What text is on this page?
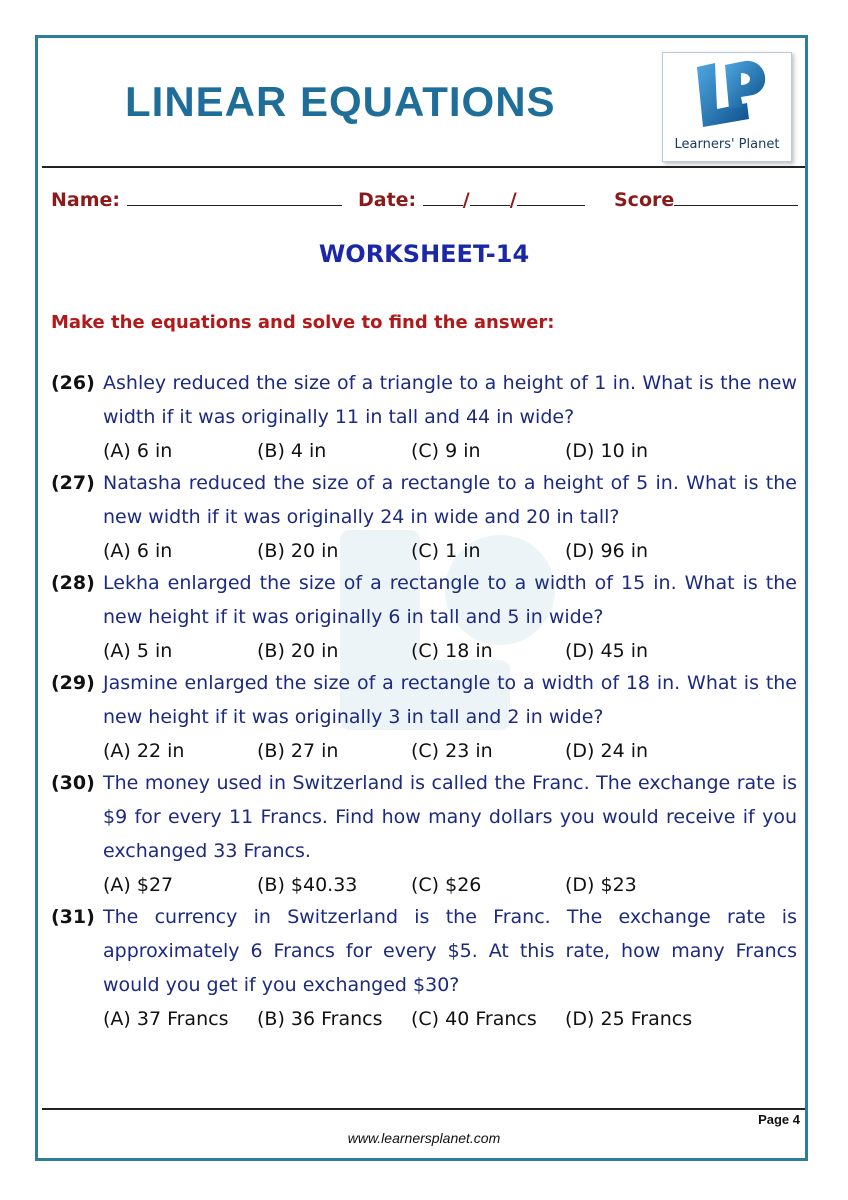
LINEAR EQUATIONS
Learners' Planet
Name:	Date: / /	Score
WORKSHEET-14
Make the equations and solve to find the answer:
(26) Ashley reduced the size of a triangle to a height of 1 in. What is the new width if it was originally 11 in tall and 44 in wide?
(A) 6 in	(B) 4 in	(C) 9 in	(D) 10 in
(27) Natasha reduced the size of a rectangle to a height of 5 in. What is the new width if it was originally 24 in wide and 20 in tall?
(A) 6 in	(B) 20 in	(C) 1 in	(D) 96 in
(28) Lekha enlarged the size of a rectangle to a width of 15 in. What is the new height if it was originally 6 in tall and 5 in wide?
(A) 5 in	(B) 20 in	(C) 18 in	(D) 45 in
(29) Jasmine enlarged the size of a rectangle to a width of 18 in. What is the new height if it was originally 3 in tall and 2 in wide?
(A) 22 in	(B) 27 in	(C) 23 in	(D) 24 in
(30) The money used in Switzerland is called the Franc. The exchange rate is $9 for every 11 Francs. Find how many dollars you would receive if you exchanged 33 Francs.
(A) $27	(B) $40.33	(C) $26	(D) $23
(31) The currency in Switzerland is the Franc. The exchange rate is approximately 6 Francs for every $5. At this rate, how many Francs would you get if you exchanged $30?
(A) 37 Francs (B) 36 Francs (C) 40 Francs (D) 25 Francs
Page 4
www.learnersplanet.com
